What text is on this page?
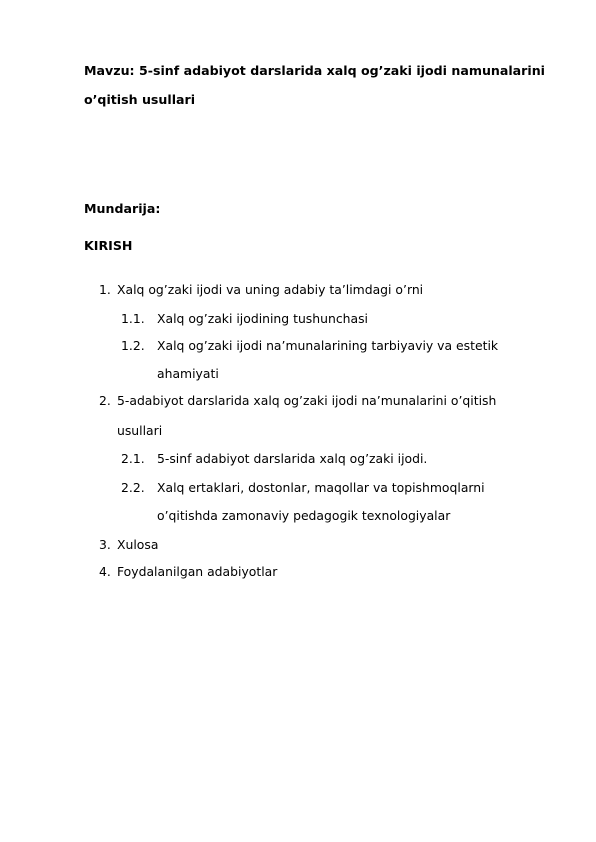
Mavzu: 5-sinf adabiyot darslarida xalq og’zaki ijodi namunalarini o’qitish usullari
Mundarija:
KIRISH
1. Xalq og’zaki ijodi va uning adabiy ta’limdagi o’rni
1.1. Xalq og’zaki ijodining tushunchasi
1.2. Xalq og’zaki ijodi na’munalarining tarbiyaviy va estetik
ahamiyati
2. 5-adabiyot darslarida xalq og’zaki ijodi na’munalarini o’qitish
usullari
2.1. 5-sinf adabiyot darslarida xalq og’zaki ijodi.
2.2. Xalq ertaklari, dostonlar, maqollar va topishmoqlarni
o’qitishda zamonaviy pedagogik texnologiyalar
3. Xulosa
4. Foydalanilgan adabiyotlar
